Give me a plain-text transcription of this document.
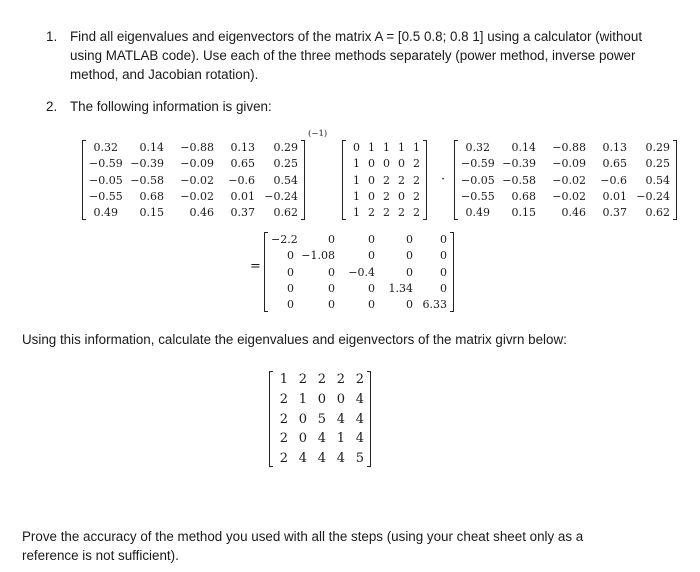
1. Find all eigenvalues and eigenvectors of the matrix A = [0.5 0.8; 0.8 1] using a calculator (without using MATLAB code). Use each of the three methods separately (power method, inverse power method, and Jacobian rotation).
2. The following information is given:
0.32	0.14	−0.88	0.13	0.29
−0.59 −0.39	−0.09	0.65	0.25
−0.05 −0.58	−0.02	−0.6	0.54
−0.55	0.68	−0.02	0.01 −0.24
0.49	0.15	0.46	0.37	0.62
(−1)
0 1 1 1 1
1 0 0 0 2
1 0 2 2 2
1 0 2 0 2
1 2 2 2 2
·
0.32	0.14	−0.88	0.13	0.29
−0.59 −0.39	−0.09	0.65	0.25
−0.05 −0.58	−0.02	−0.6	0.54
−0.55	0.68	−0.02	0.01 −0.24
0.49	0.15	0.46	0.37	0.62
=
−2.2	0	0	0	0
0 −1.08	0	0	0
0	0	−0.4	0	0
0	0	0	1.34	0
0	0	0	0 6.33
Using this information, calculate the eigenvalues and eigenvectors of the matrix givrn below:
1 2 2 2 2
2 1 0 0 4
2 0 5 4 4
2 0 4 1 4
2 4 4 4 5
Prove the accuracy of the method you used with all the steps (using your cheat sheet only as a reference is not sufficient).
